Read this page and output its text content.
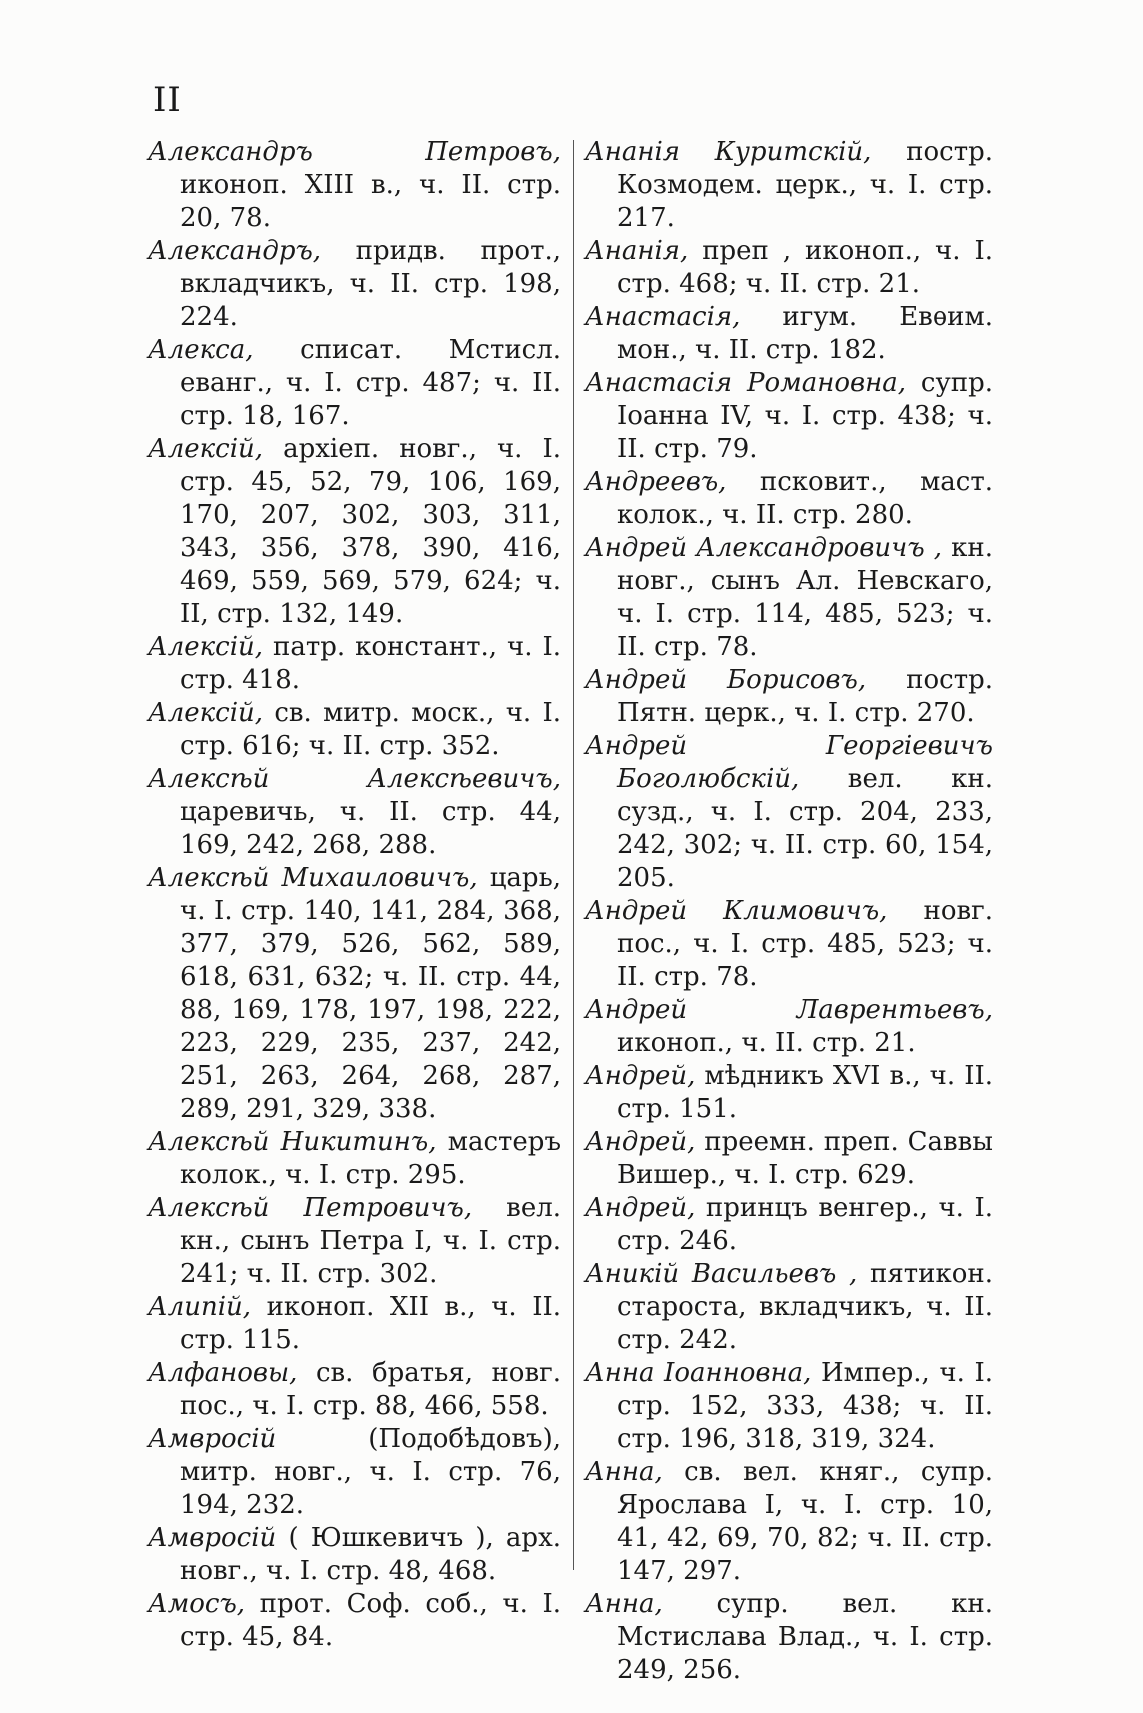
II

Александръ Петровъ, иконоп. XIII в., ч. II. стр. 20, 78.

Александръ, придв. прот., вкладчикъ, ч. II. стр. 198, 224.

Алекса, списат. Мстисл. еванг., ч. I. стр. 487; ч. II. стр. 18, 167.

Алексій, архіеп. новг., ч. I. стр. 45, 52, 79, 106, 169, 170, 207, 302, 303, 311, 343, 356, 378, 390, 416, 469, 559, 569, 579, 624; ч. II, стр. 132, 149.

Алексій, патр. констант., ч. I. стр. 418.

Алексій, св. митр. моск., ч. I. стр. 616; ч. II. стр. 352.

Алексѣй Алексѣевичъ, царевичь, ч. II. стр. 44, 169, 242, 268, 288.

Алексѣй Михаиловичъ, царь, ч. I. стр. 140, 141, 284, 368, 377, 379, 526, 562, 589, 618, 631, 632; ч. II. стр. 44, 88, 169, 178, 197, 198, 222, 223, 229, 235, 237, 242, 251, 263, 264, 268, 287, 289, 291, 329, 338.

Алексѣй Никитинъ, мастеръ колок., ч. I. стр. 295.

Алексѣй Петровичъ, вел. кн., сынъ Петра I, ч. I. стр. 241; ч. II. стр. 302.

Алипій, иконоп. XII в., ч. II. стр. 115.

Алфановы, св. братья, новг. пос., ч. I. стр. 88, 466, 558.

Амвросій (Подобѣдовъ), митр. новг., ч. I. стр. 76, 194, 232.

Амвросій ( Юшкевичъ ), арх. новг., ч. I. стр. 48, 468.

Амосъ, прот. Соф. соб., ч. I. стр. 45, 84.

Ананія Куритскій, постр. Козмодем. церк., ч. I. стр. 217.

Ананія, преп , иконоп., ч. I. стр. 468; ч. II. стр. 21.

Анастасія, игум. Евѳим. мон., ч. II. стр. 182.

Анастасія Романовна, супр. Іоанна IV, ч. I. стр. 438; ч. II. стр. 79.

Андреевъ, псковит., маст. колок., ч. II. стр. 280.

Андрей Александровичъ , кн. новг., сынъ Ал. Невскаго, ч. I. стр. 114, 485, 523; ч. II. стр. 78.

Андрей Борисовъ, постр. Пятн. церк., ч. I. стр. 270.

Андрей Георгіевичъ Боголюбскій, вел. кн. сузд., ч. I. стр. 204, 233, 242, 302; ч. II. стр. 60, 154, 205.

Андрей Климовичъ, новг. пос., ч. I. стр. 485, 523; ч. II. стр. 78.

Андрей Лаврентьевъ, иконоп., ч. II. стр. 21.

Андрей, мѣдникъ XVI в., ч. II. стр. 151.

Андрей, преемн. преп. Саввы Вишер., ч. I. стр. 629.

Андрей, принцъ венгер., ч. I. стр. 246.

Аникій Васильевъ , пятикон. староста, вкладчикъ, ч. II. стр. 242.

Анна Іоанновна, Импер., ч. I. стр. 152, 333, 438; ч. II. стр. 196, 318, 319, 324.

Анна, св. вел. княг., супр. Ярослава I, ч. I. стр. 10, 41, 42, 69, 70, 82; ч. II. стр. 147, 297.

Анна, супр. вел. кн. Мстислава Влад., ч. I. стр. 249, 256.
